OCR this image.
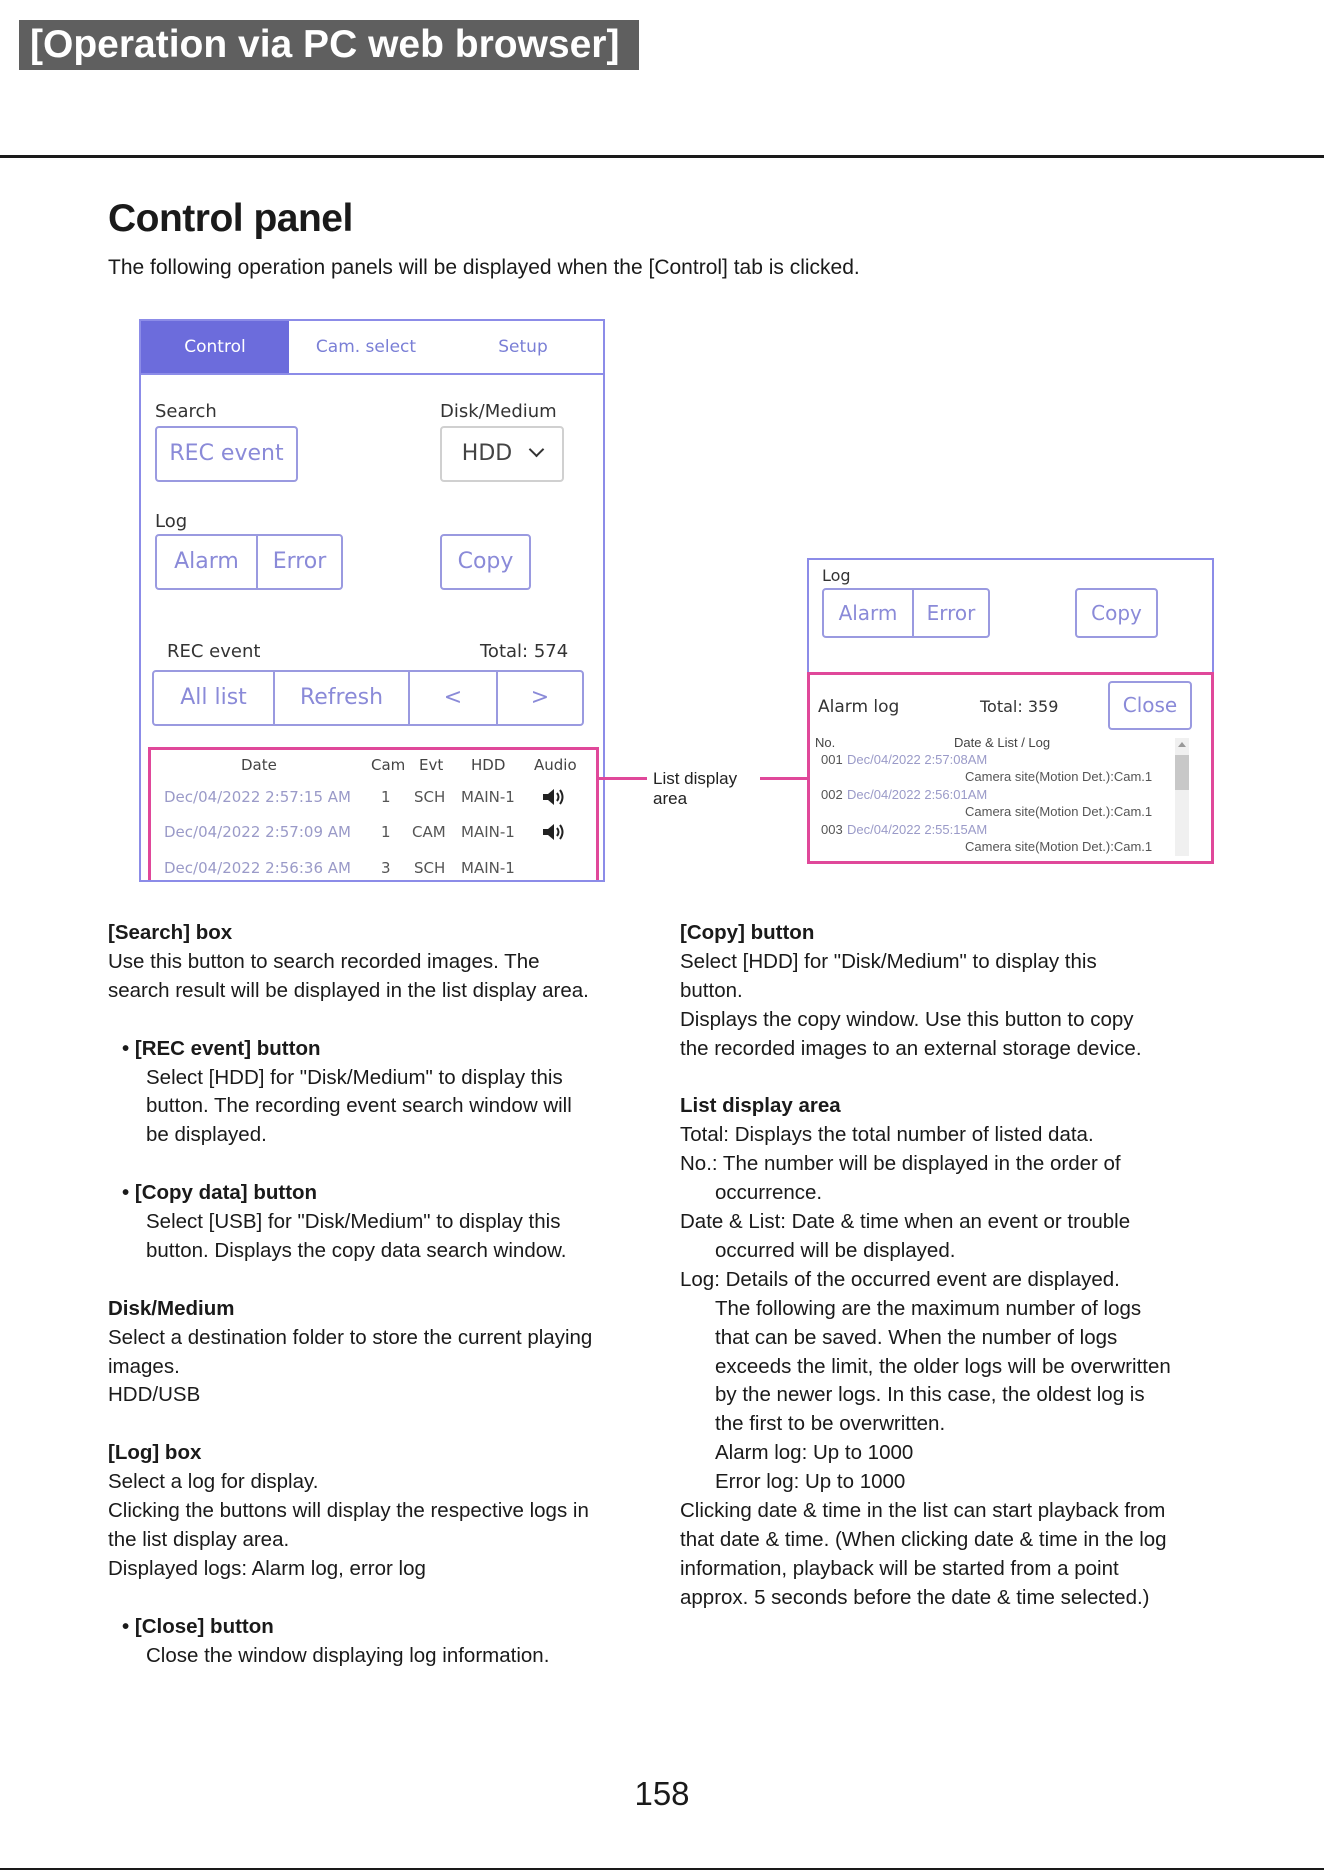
[Operation via PC web browser]
Control panel
The following operation panels will be displayed when the [Control] tab is clicked.
Control	Cam. select	Setup
Search
REC event
Disk/Medium
HDD
Log
Alarm	Error	Copy
REC event	Total: 574
All list	Refresh	<	>
Date	Cam Evt HDD Audio
Dec/04/2022 2:57:15 AM 1 SCH MAIN-1
Dec/04/2022 2:57:09 AM 1 CAM MAIN-1
Dec/04/2022 2:56:36 AM 3 SCH MAIN-1
List display
area
Log
Alarm	Error	Copy
Alarm log	Total: 359	Close
No.	Date & List / Log
001 Dec/04/2022 2:57:08AM
Camera site(Motion Det.):Cam.1
002 Dec/04/2022 2:56:01AM
Camera site(Motion Det.):Cam.1
003 Dec/04/2022 2:55:15AM
Camera site(Motion Det.):Cam.1

[Search] box

Use this button to search recorded images. The

search result will be displayed in the list display area.

• [REC event] button

Select [HDD] for "Disk/Medium" to display this

button. The recording event search window will

be displayed.

• [Copy data] button

Select [USB] for "Disk/Medium" to display this

button. Displays the copy data search window.

Disk/Medium

Select a destination folder to store the current playing

images.

HDD/USB

[Log] box

Select a log for display.

Clicking the buttons will display the respective logs in

the list display area.

Displayed logs: Alarm log, error log

• [Close] button

Close the window displaying log information.

[Copy] button

Select [HDD] for "Disk/Medium" to display this

button.

Displays the copy window. Use this button to copy

the recorded images to an external storage device.

List display area

Total: Displays the total number of listed data.

No.: The number will be displayed in the order of

occurrence.

Date & List: Date & time when an event or trouble

occurred will be displayed.

Log: Details of the occurred event are displayed.

The following are the maximum number of logs

that can be saved. When the number of logs

exceeds the limit, the older logs will be overwritten

by the newer logs. In this case, the oldest log is

the first to be overwritten.

Alarm log: Up to 1000

Error log: Up to 1000

Clicking date & time in the list can start playback from

that date & time. (When clicking date & time in the log

information, playback will be started from a point

approx. 5 seconds before the date & time selected.)

158
